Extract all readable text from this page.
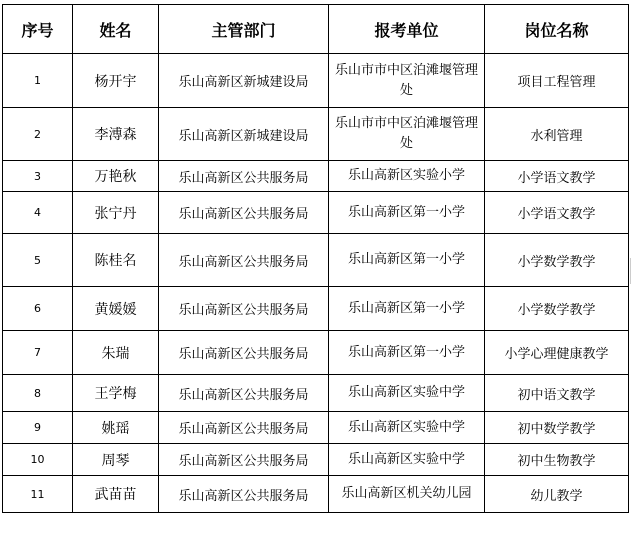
序号	姓名	主管部门	报考单位	岗位名称
1	杨开宇	乐山高新区新城建设局	乐山市市中区泊滩堰管理处	项目工程管理
2	李溥森	乐山高新区新城建设局	乐山市市中区泊滩堰管理处	水利管理
3	万艳秋	乐山高新区公共服务局	乐山高新区实验小学	小学语文教学
4	张宁丹	乐山高新区公共服务局	乐山高新区第一小学	小学语文教学
5	陈桂名	乐山高新区公共服务局	乐山高新区第一小学	小学数学教学
6	黄媛媛	乐山高新区公共服务局	乐山高新区第一小学	小学数学教学
7	朱瑞	乐山高新区公共服务局	乐山高新区第一小学	小学心理健康教学
8	王学梅	乐山高新区公共服务局	乐山高新区实验中学	初中语文教学
9	姚瑶	乐山高新区公共服务局	乐山高新区实验中学	初中数学教学
10	周琴	乐山高新区公共服务局	乐山高新区实验中学	初中生物教学
11	武苗苗	乐山高新区公共服务局	乐山高新区机关幼儿园	幼儿教学
